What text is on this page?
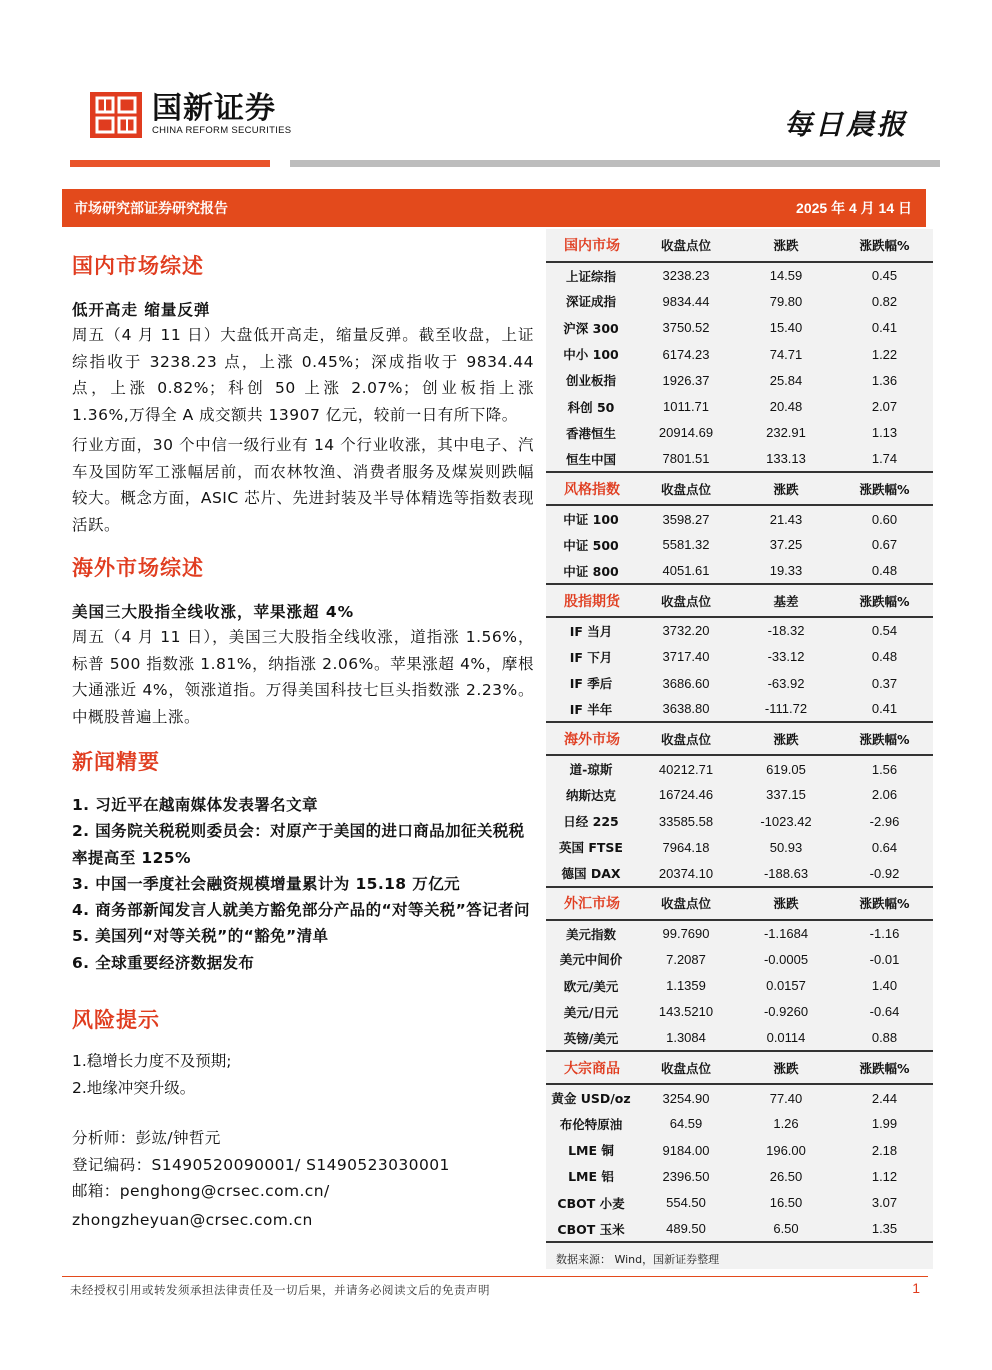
国新证券
CHINA REFORM SECURITIES	每日晨报
市场研究部证券研究报告	2025 年 4 月 14 日
国内市场综述
低开高走 缩量反弹

周五（4 月 11 日）大盘低开高走，缩量反弹。截至收盘，上证综指收于 3238.23 点，上涨 0.45%；深成指收于 9834.44 点，上涨 0.82%；科创 50 上涨 2.07%；创业板指上涨 1.36%,万得全 A 成交额共 13907 亿元，较前一日有所下降。

行业方面，30 个中信一级行业有 14 个行业收涨，其中电子、汽车及国防军工涨幅居前，而农林牧渔、消费者服务及煤炭则跌幅较大。概念方面，ASIC 芯片、先进封装及半导体精选等指数表现活跃。

海外市场综述
美国三大股指全线收涨，苹果涨超 4%

周五（4 月 11 日），美国三大股指全线收涨，道指涨 1.56%，标普 500 指数涨 1.81%，纳指涨 2.06%。苹果涨超 4%，摩根大通涨近 4%，领涨道指。万得美国科技七巨头指数涨 2.23%。中概股普遍上涨。

新闻精要
1. 习近平在越南媒体发表署名文章
2. 国务院关税税则委员会：对原产于美国的进口商品加征关税税率提高至 125%
3. 中国一季度社会融资规模增量累计为 15.18 万亿元
4. 商务部新闻发言人就美方豁免部分产品的“对等关税”答记者问
5. 美国列“对等关税”的“豁免”清单
6. 全球重要经济数据发布
风险提示
1.稳增长力度不及预期;
2.地缘冲突升级。
分析师：彭竑/钟哲元
登记编码：S1490520090001/ S1490523030001
邮箱：penghong@crsec.com.cn/
zhongzheyuan@crsec.com.cn
国内市场	收盘点位	涨跌	涨跌幅%
上证综指	3238.23	14.59	0.45
深证成指	9834.44	79.80	0.82
沪深 300	3750.52	15.40	0.41
中小 100	6174.23	74.71	1.22
创业板指	1926.37	25.84	1.36
科创 50	1011.71	20.48	2.07
香港恒生	20914.69	232.91	1.13
恒生中国	7801.51	133.13	1.74
风格指数	收盘点位	涨跌	涨跌幅%
中证 100	3598.27	21.43	0.60
中证 500	5581.32	37.25	0.67
中证 800	4051.61	19.33	0.48
股指期货	收盘点位	基差	涨跌幅%
IF 当月	3732.20	-18.32	0.54
IF 下月	3717.40	-33.12	0.48
IF 季后	3686.60	-63.92	0.37
IF 半年	3638.80	-111.72	0.41
海外市场	收盘点位	涨跌	涨跌幅%
道-琼斯	40212.71	619.05	1.56
纳斯达克	16724.46	337.15	2.06
日经 225	33585.58	-1023.42	-2.96
英国 FTSE	7964.18	50.93	0.64
德国 DAX	20374.10	-188.63	-0.92
外汇市场	收盘点位	涨跌	涨跌幅%
美元指数	99.7690	-1.1684	-1.16
美元中间价	7.2087	-0.0005	-0.01
欧元/美元	1.1359	0.0157	1.40
美元/日元	143.5210	-0.9260	-0.64
英镑/美元	1.3084	0.0114	0.88
大宗商品	收盘点位	涨跌	涨跌幅%
黄金 USD/oz	3254.90	77.40	2.44
布伦特原油	64.59	1.26	1.99
LME 铜	9184.00	196.00	2.18
LME 铝	2396.50	26.50	1.12
CBOT 小麦	554.50	16.50	3.07
CBOT 玉米	489.50	6.50	1.35
数据来源： Wind，国新证券整理
未经授权引用或转发须承担法律责任及一切后果，并请务必阅读文后的免责声明	1
